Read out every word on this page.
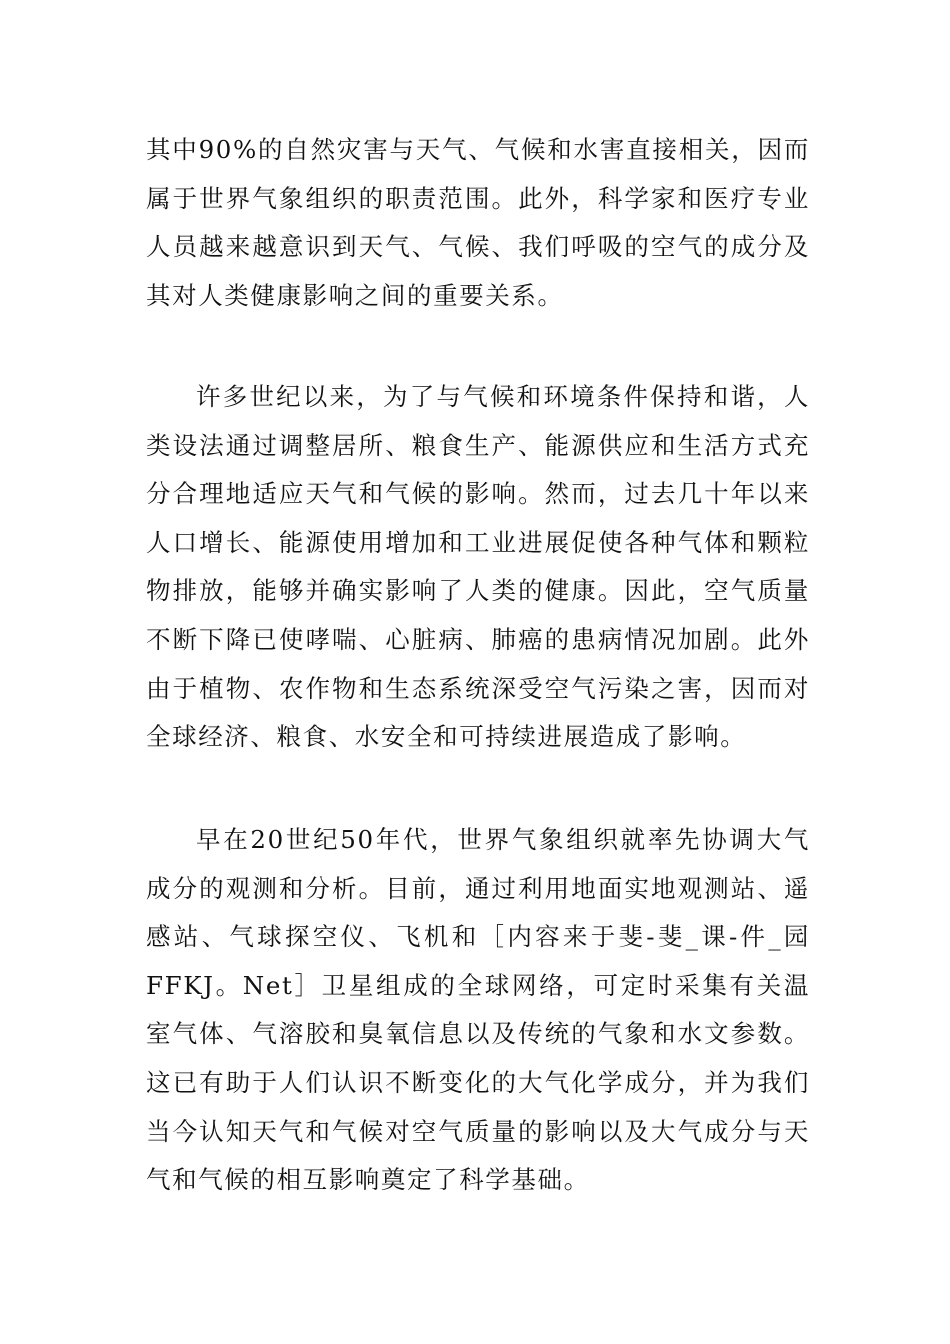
其中90%的自然灾害与天气、气候和水害直接相关，因而属于世界气象组织的职责范围。此外，科学家和医疗专业人员越来越意识到天气、气候、我们呼吸的空气的成分及其对人类健康影响之间的重要关系。

许多世纪以来，为了与气候和环境条件保持和谐，人类设法通过调整居所、粮食生产、能源供应和生活方式充分合理地适应天气和气候的影响。然而，过去几十年以来人口增长、能源使用增加和工业进展促使各种气体和颗粒物排放，能够并确实影响了人类的健康。因此，空气质量不断下降已使哮喘、心脏病、肺癌的患病情况加剧。此外由于植物、农作物和生态系统深受空气污染之害，因而对全球经济、粮食、水安全和可持续进展造成了影响。

早在20世纪50年代，世界气象组织就率先协调大气成分的观测和分析。目前，通过利用地面实地观测站、遥感站、气球探空仪、飞机和［内容来于斐-斐_课-件_园FFKJ。Net］卫星组成的全球网络，可定时采集有关温室气体、气溶胶和臭氧信息以及传统的气象和水文参数。这已有助于人们认识不断变化的大气化学成分，并为我们当今认知天气和气候对空气质量的影响以及大气成分与天气和气候的相互影响奠定了科学基础。
